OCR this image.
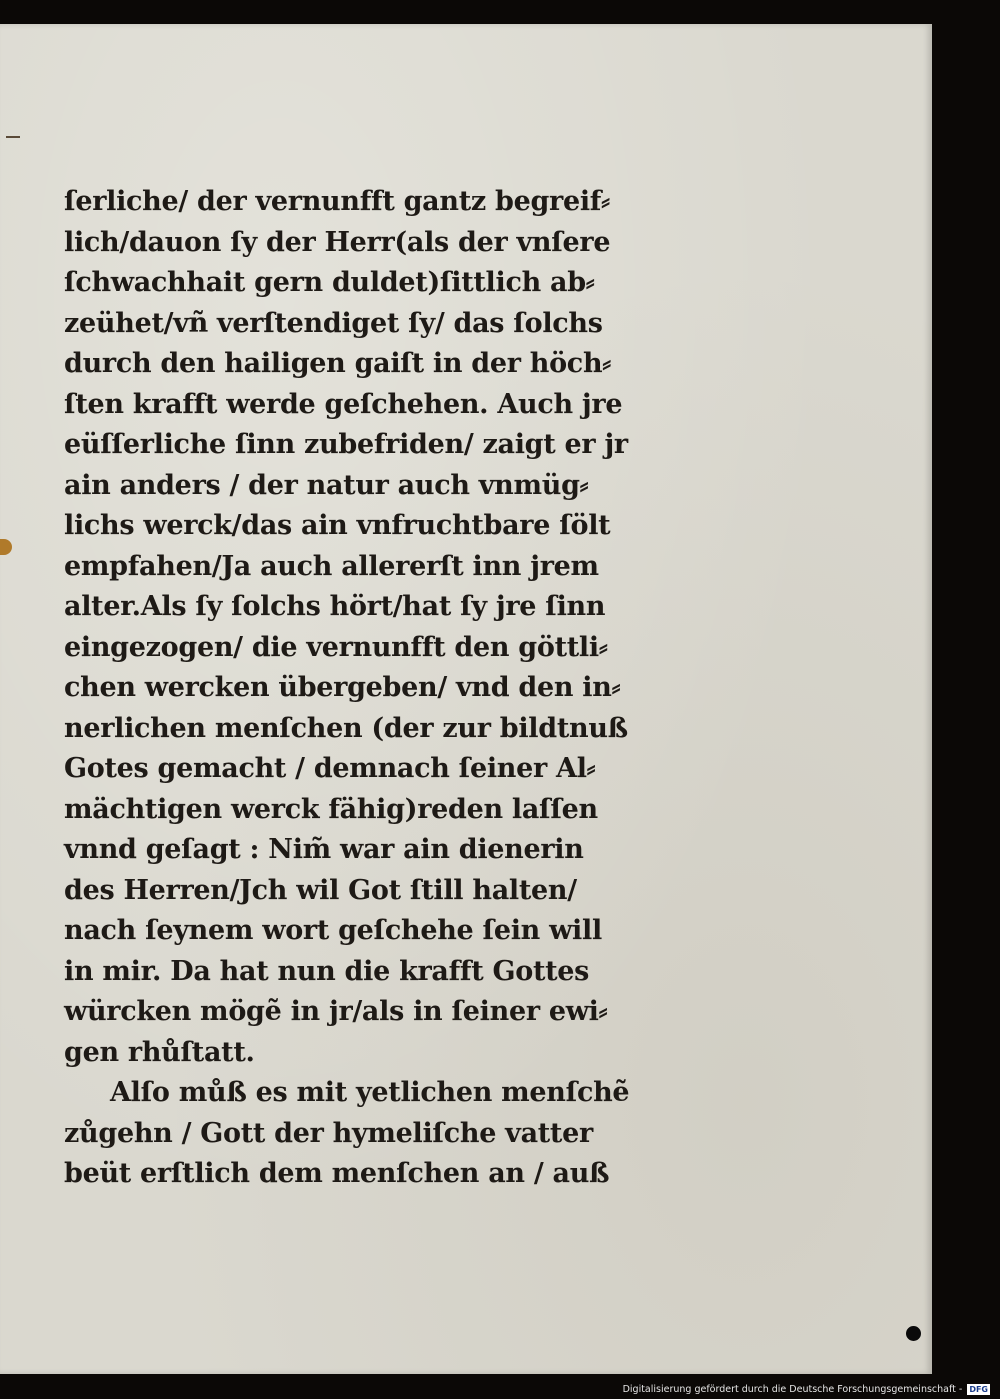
ſerliche/ der vernunfft gantz begreif⸗
lich/dauon ſy der Herr(als der vnſere
ſchwachhait gern duldet)ſittlich ab⸗
zeühet/vñ verſtendiget ſy/ das ſolchs
durch den hailigen gaiſt in der höch⸗
ſten krafft werde geſchehen. Auch jre
eüſſerliche ſinn zubefriden/ zaigt er jr
ain anders / der natur auch vnmüg⸗
lichs werck/das ain vnfruchtbare ſölt
empfahen/Ja auch allererſt inn jrem
alter.Als ſy ſolchs hört/hat ſy jre ſinn
eingezogen/ die vernunfft den göttli⸗
chen wercken übergeben/ vnd den in⸗
nerlichen menſchen (der zur bildtnuß
Gotes gemacht / demnach ſeiner Al⸗
mächtigen werck fähig)reden laſſen
vnnd geſagt : Nim̃ war ain dienerin
des Herren/Jch wil Got ſtill halten/
nach ſeynem wort geſchehe ſein will
in mir. Da hat nun die krafft Gottes
würcken mögẽ in jr/als in ſeiner ewi⸗
gen rhůſtatt.
Alſo můß es mit yetlichen menſchẽ
zůgehn / Gott der hymeliſche vatter
beüt erſtlich dem menſchen an / auß
Digitalisierung gefördert durch die Deutsche Forschungsgemeinschaft - DFG
